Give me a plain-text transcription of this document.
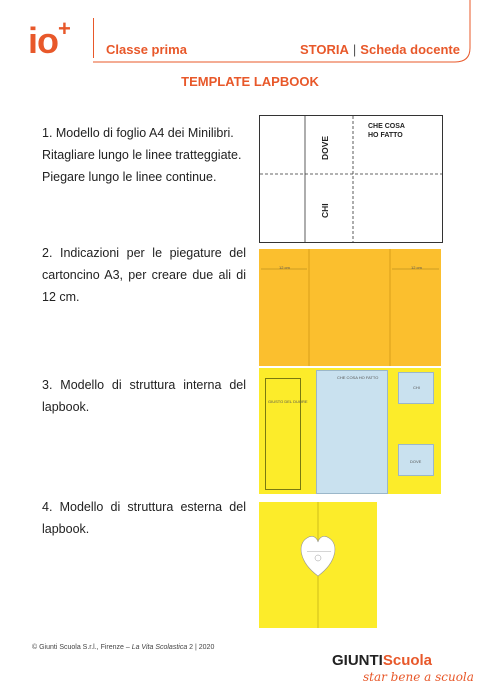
io+
Classe prima	STORIA | Scheda docente
TEMPLATE LAPBOOK
1. Modello di foglio A4 dei Minilibri. Ritagliare lungo le linee tratteggiate. Piegare lungo le linee continue.
2. Indicazioni per le piegature del cartoncino A3, per creare due ali di 12 cm.
3. Modello di struttura interna del lapbook.
4. Modello di struttura esterna del lapbook.
DOVE
CHI
CHE COSA
HO FATTO
12 cm	12 cm
GIUSTO DEL DUORE
CHE COSA HO FATTO
CHI
DOVE
——————
© Giunti Scuola S.r.l., Firenze – La Vita Scolastica 2 | 2020
GIUNTIScuola
star bene a scuola
